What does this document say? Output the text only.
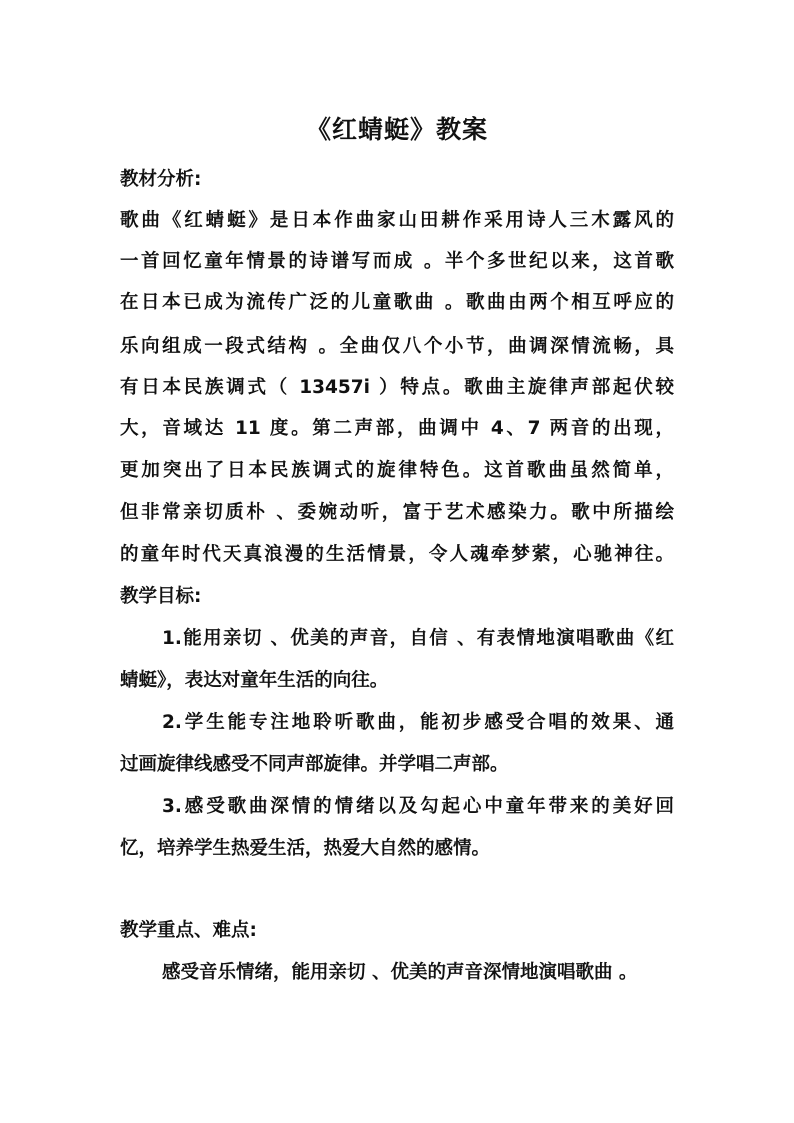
《红蜻蜓》教案
教材分析:
歌曲《红蜻蜓》是日本作曲家山田耕作采用诗人三木露风的
一首回忆童年情景的诗谱写而成 。半个多世纪以来，这首歌
在日本已成为流传广泛的儿童歌曲 。歌曲由两个相互呼应的
乐向组成一段式结构 。全曲仅八个小节，曲调深情流畅，具
有日本民族调式（ 13457i ）特点。歌曲主旋律声部起伏较
大，音域达 11 度。第二声部，曲调中 4、7 两音的出现，
更加突出了日本民族调式的旋律特色。这首歌曲虽然简单，
但非常亲切质朴 、委婉动听，富于艺术感染力。歌中所描绘
的童年时代天真浪漫的生活情景，令人魂牵梦萦，心驰神往。
教学目标:
1.能用亲切 、优美的声音，自信 、有表情地演唱歌曲《红
蜻蜓》，表达对童年生活的向往。
2.学生能专注地聆听歌曲，能初步感受合唱的效果、通
过画旋律线感受不同声部旋律。并学唱二声部。
3.感受歌曲深情的情绪以及勾起心中童年带来的美好回
忆，培养学生热爱生活，热爱大自然的感情。
教学重点、难点:
感受音乐情绪，能用亲切 、优美的声音深情地演唱歌曲 。
